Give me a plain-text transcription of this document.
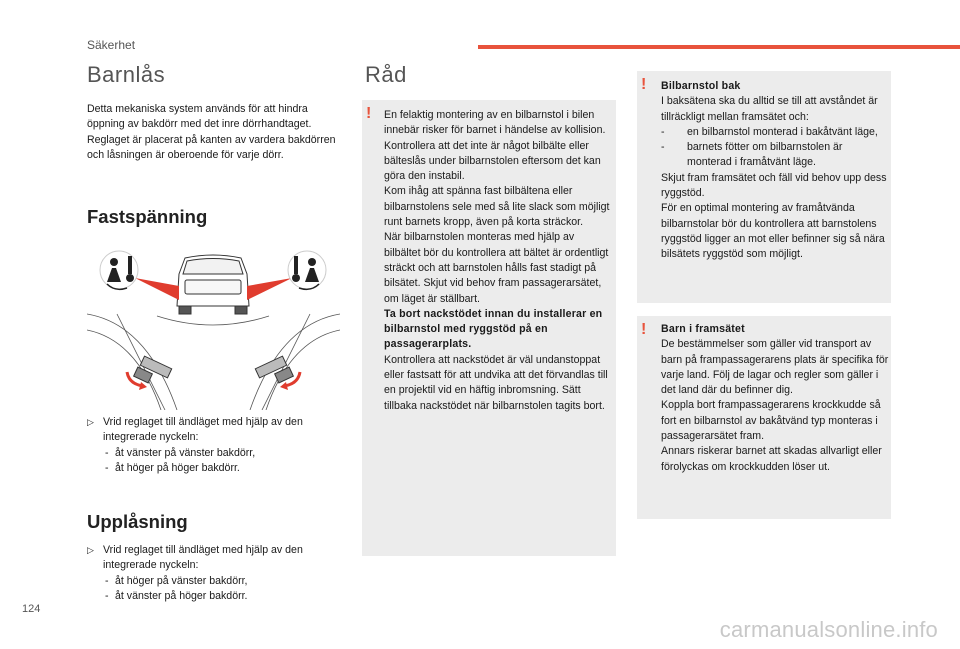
Säkerhet
Barnlås

Detta mekaniska system används för att hindra öppning av bakdörr med det inre dörrhandtaget.

Reglaget är placerat på kanten av vardera bakdörren och låsningen är oberoende för varje dörr.

Fastspänning
▷ Vrid reglaget till ändläget med hjälp av den integrerade nyckeln:
- åt vänster på vänster bakdörr,
- åt höger på höger bakdörr.
Upplåsning
▷ Vrid reglaget till ändläget med hjälp av den integrerade nyckeln:
- åt höger på vänster bakdörr,
- åt vänster på höger bakdörr.
Råd
! En felaktig montering av en bilbarnstol i bilen innebär risker för barnet i händelse av kollision.

Kontrollera att det inte är något bilbälte eller bälteslås under bilbarnstolen eftersom det kan göra den instabil.

Kom ihåg att spänna fast bilbältena eller bilbarnstolens sele med så lite slack som möjligt runt barnets kropp, även på korta sträckor.

När bilbarnstolen monteras med hjälp av bilbältet bör du kontrollera att bältet är ordentligt sträckt och att barnstolen hålls fast stadigt på bilsätet. Skjut vid behov fram passagerarsätet, om läget är ställbart.

Ta bort nackstödet innan du installerar en bilbarnstol med ryggstöd på en passagerarplats.

Kontrollera att nackstödet är väl undanstoppat eller fastsatt för att undvika att det förvandlas till en projektil vid en häftig inbromsning. Sätt tillbaka nackstödet när bilbarnstolen tagits bort.

! Bilbarnstol bak

I baksätena ska du alltid se till att avståndet är tillräckligt mellan framsätet och:

- en bilbarnstol monterad i bakåtvänt läge,
- barnets fötter om bilbarnstolen är monterad i framåtvänt läge.

Skjut fram framsätet och fäll vid behov upp dess ryggstöd.

För en optimal montering av framåtvända bilbarnstolar bör du kontrollera att barnstolens ryggstöd ligger an mot eller befinner sig så nära bilsätets ryggstöd som möjligt.

! Barn i framsätet

De bestämmelser som gäller vid transport av barn på frampassagerarens plats är specifika för varje land. Följ de lagar och regler som gäller i det land där du befinner dig.

Koppla bort frampassagerarens krockkudde så fort en bilbarnstol av bakåtvänd typ monteras i passagerarsätet fram.

Annars riskerar barnet att skadas allvarligt eller förolyckas om krockkudden löser ut.

124
carmanualsonline.info
